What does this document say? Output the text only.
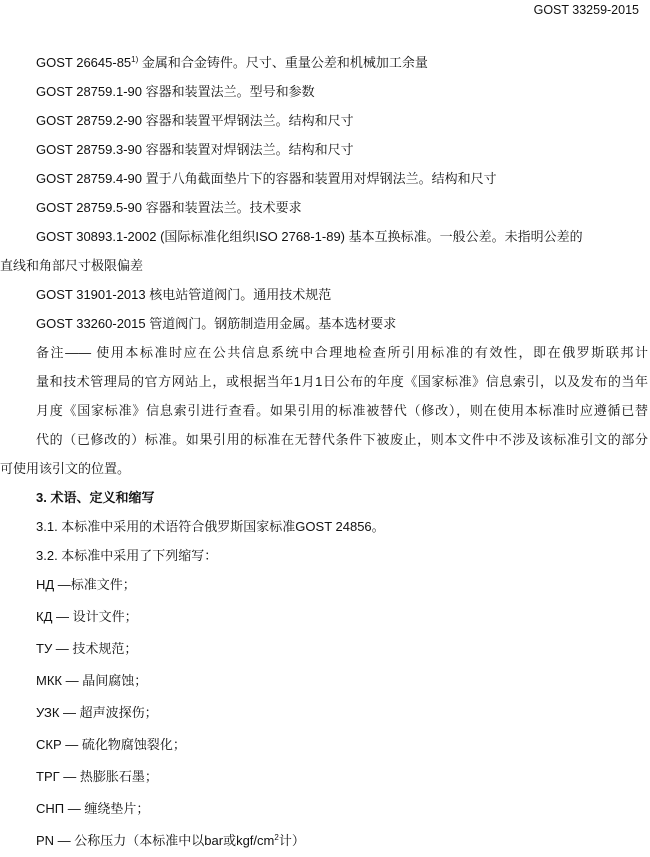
GOST 33259-2015
GOST 26645-85$^{1)}$ 金属和合金铸件。尺寸、重量公差和机械加工余量
GOST 28759.1-90 容器和装置法兰。型号和参数
GOST 28759.2-90 容器和装置平焊钢法兰。结构和尺寸
GOST 28759.3-90 容器和装置对焊钢法兰。结构和尺寸
GOST 28759.4-90 置于八角截面垫片下的容器和装置用对焊钢法兰。结构和尺寸
GOST 28759.5-90 容器和装置法兰。技术要求
GOST 30893.1-2002 (国际标准化组织ISO 2768-1-89) 基本互换标准。一般公差。未指明公差的
直线和角部尺寸极限偏差
GOST 31901-2013 核电站管道阀门。通用技术规范
GOST 33260-2015 管道阀门。钢筋制造用金属。基本选材要求
备注—— 使用本标准时应在公共信息系统中合理地检查所引用标准的有效性，即在俄罗斯联邦计
量和技术管理局的官方网站上，或根据当年1月1日公布的年度《国家标准》信息索引，以及发布的当年
月度《国家标准》信息索引进行查看。如果引用的标准被替代（修改），则在使用本标准时应遵循已替
代的（已修改的）标准。如果引用的标准在无替代条件下被废止，则本文件中不涉及该标准引文的部分
可使用该引文的位置。
3. 术语、定义和缩写
3.1. 本标准中采用的术语符合俄罗斯国家标准GOST 24856。
3.2. 本标准中采用了下列缩写：
НД —标准文件；
КД — 设计文件；
ТУ — 技术规范；
МКК — 晶间腐蚀；
УЗК — 超声波探伤；
СКР — 硫化物腐蚀裂化；
ТРГ — 热膨胀石墨；
СНП — 缠绕垫片；
PN — 公称压力（本标准中以bar或kgf/$cm^2$计）
